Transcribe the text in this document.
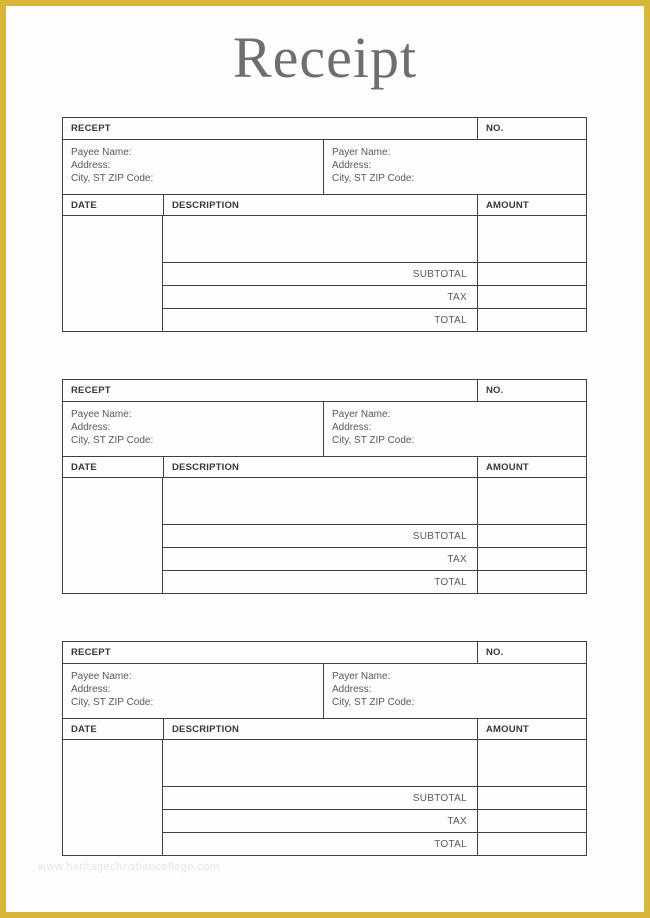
Receipt
RECEPT	NO.
Payee Name:
Address:
City, ST ZIP Code:
Payer Name:
Address:
City, ST ZIP Code:
DATE	DESCRIPTION	AMOUNT
SUBTOTAL
TAX
TOTAL
RECEPT	NO.
Payee Name:
Address:
City, ST ZIP Code:
Payer Name:
Address:
City, ST ZIP Code:
DATE	DESCRIPTION	AMOUNT
SUBTOTAL
TAX
TOTAL
RECEPT	NO.
Payee Name:
Address:
City, ST ZIP Code:
Payer Name:
Address:
City, ST ZIP Code:
DATE	DESCRIPTION	AMOUNT
SUBTOTAL
TAX
TOTAL
www.heritagechristiancollege.com
